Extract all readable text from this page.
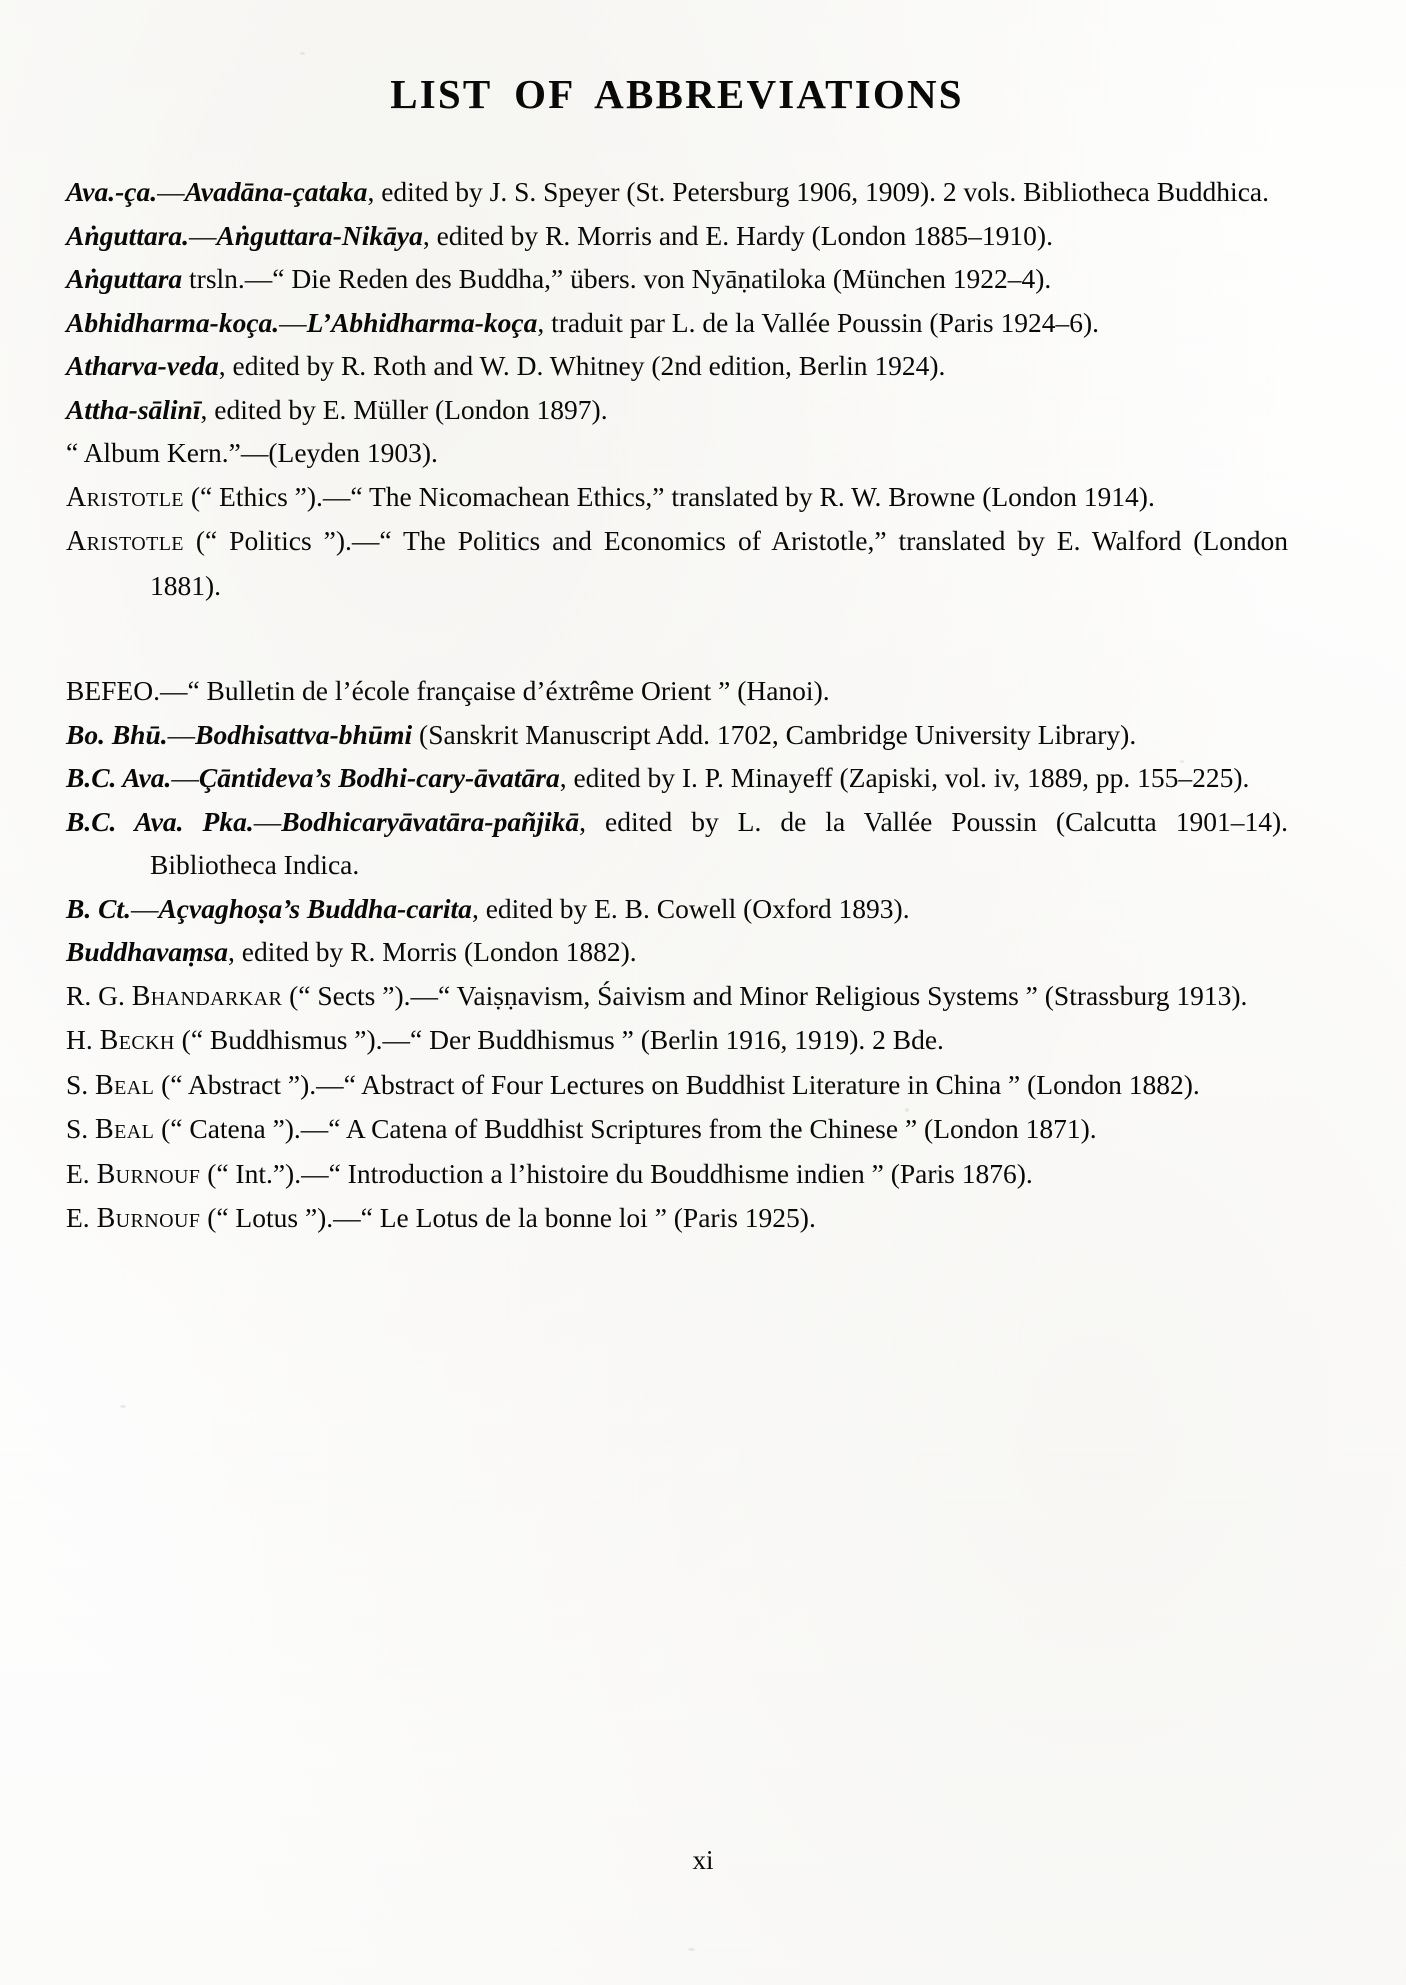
LIST OF ABBREVIATIONS

Ava.-ça.—Avadāna-çataka, edited by J. S. Speyer (St. Petersburg 1906, 1909). 2 vols. Bibliotheca Buddhica.

Aṅguttara.—Aṅguttara-Nikāya, edited by R. Morris and E. Hardy (London 1885–1910).

Aṅguttara trsln.—“ Die Reden des Buddha,” übers. von Nyāṇatiloka (München 1922–4).

Abhidharma-koça.—L’Abhidharma-koça, traduit par L. de la Vallée Poussin (Paris 1924–6).

Atharva-veda, edited by R. Roth and W. D. Whitney (2nd edition, Berlin 1924).

Attha-sālinī, edited by E. Müller (London 1897).

“ Album Kern.”—(Leyden 1903).

Aristotle (“ Ethics ”).—“ The Nicomachean Ethics,” translated by R. W. Browne (London 1914).

Aristotle (“ Politics ”).—“ The Politics and Economics of Aristotle,” translated by E. Walford (London 1881).

BEFEO.—“ Bulletin de l’école française d’éxtrême Orient ” (Hanoi).

Bo. Bhū.—Bodhisattva-bhūmi (Sanskrit Manuscript Add. 1702, Cambridge University Library).

B.C. Ava.—Çāntideva’s Bodhi-cary-āvatāra, edited by I. P. Minayeff (Zapiski, vol. iv, 1889, pp. 155–225).

B.C. Ava. Pka.—Bodhicaryāvatāra-pañjikā, edited by L. de la Vallée Poussin (Calcutta 1901–14). Bibliotheca Indica.

B. Ct.—Açvaghoṣa’s Buddha-carita, edited by E. B. Cowell (Oxford 1893).

Buddhavaṃsa, edited by R. Morris (London 1882).

R. G. Bhandarkar (“ Sects ”).—“ Vaiṣṇavism, Śaivism and Minor Religious Systems ” (Strassburg 1913).

H. Beckh (“ Buddhismus ”).—“ Der Buddhismus ” (Berlin 1916, 1919). 2 Bde.

S. Beal (“ Abstract ”).—“ Abstract of Four Lectures on Buddhist Literature in China ” (London 1882).

S. Beal (“ Catena ”).—“ A Catena of Buddhist Scriptures from the Chinese ” (London 1871).

E. Burnouf (“ Int.”).—“ Introduction a l’histoire du Bouddhisme indien ” (Paris 1876).

E. Burnouf (“ Lotus ”).—“ Le Lotus de la bonne loi ” (Paris 1925).

xi
